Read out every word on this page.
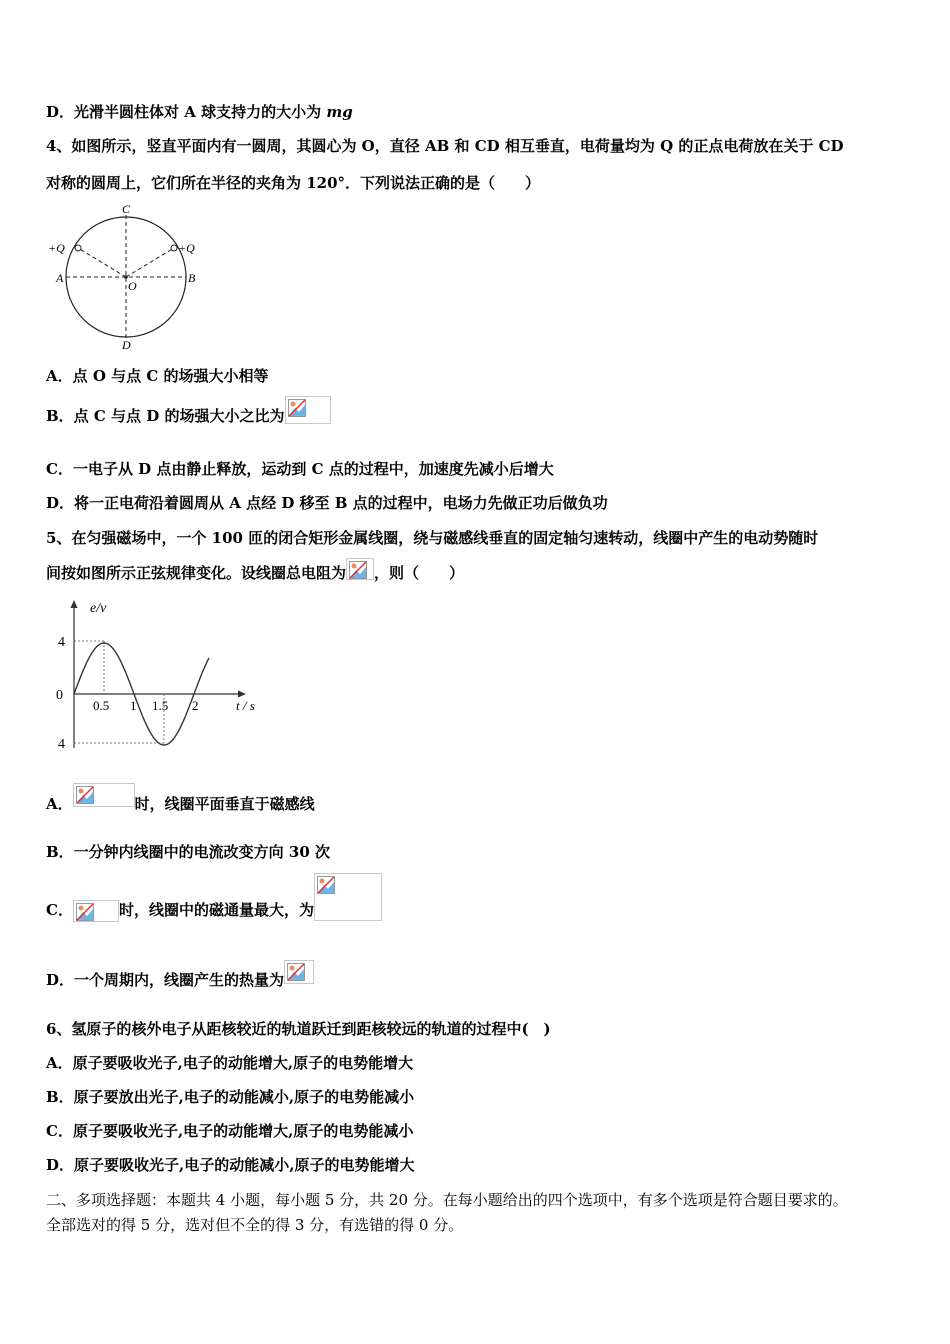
D．光滑半圆柱体对 A 球支持力的大小为 mg
4、如图所示，竖直平面内有一圆周，其圆心为 O，直径 AB 和 CD 相互垂直，电荷量均为 Q 的正点电荷放在关于 CD
对称的圆周上，它们所在半径的夹角为 120°．下列说法正确的是（　　）
C
D
A	B
O
+Q	+Q
A．点 O 与点 C 的场强大小相等
B．点 C 与点 D 的场强大小之比为
C．一电子从 D 点由静止释放，运动到 C 点的过程中，加速度先减小后增大
D．将一正电荷沿着圆周从 A 点经 D 移至 B 点的过程中，电场力先做正功后做负功
5、在匀强磁场中，一个 100 匝的闭合矩形金属线圈，绕与磁感线垂直的固定轴匀速转动，线圈中产生的电动势随时
间按如图所示正弦规律变化。设线圈总电阻为 ，则（　　）
e/v
t / s
4
0
4
0.5 1 1.5 2
A．	时，线圈平面垂直于磁感线
B．一分钟内线圈中的电流改变方向 30 次
C．	时，线圈中的磁通量最大，为
D．一个周期内，线圈产生的热量为
6、氢原子的核外电子从距核较近的轨道跃迁到距核较远的轨道的过程中(　)
A．原子要吸收光子,电子的动能增大,原子的电势能增大
B．原子要放出光子,电子的动能减小,原子的电势能减小
C．原子要吸收光子,电子的动能增大,原子的电势能减小
D．原子要吸收光子,电子的动能减小,原子的电势能增大
二、多项选择题：本题共 4 小题，每小题 5 分，共 20 分。在每小题给出的四个选项中，有多个选项是符合题目要求的。
全部选对的得 5 分，选对但不全的得 3 分，有选错的得 0 分。
